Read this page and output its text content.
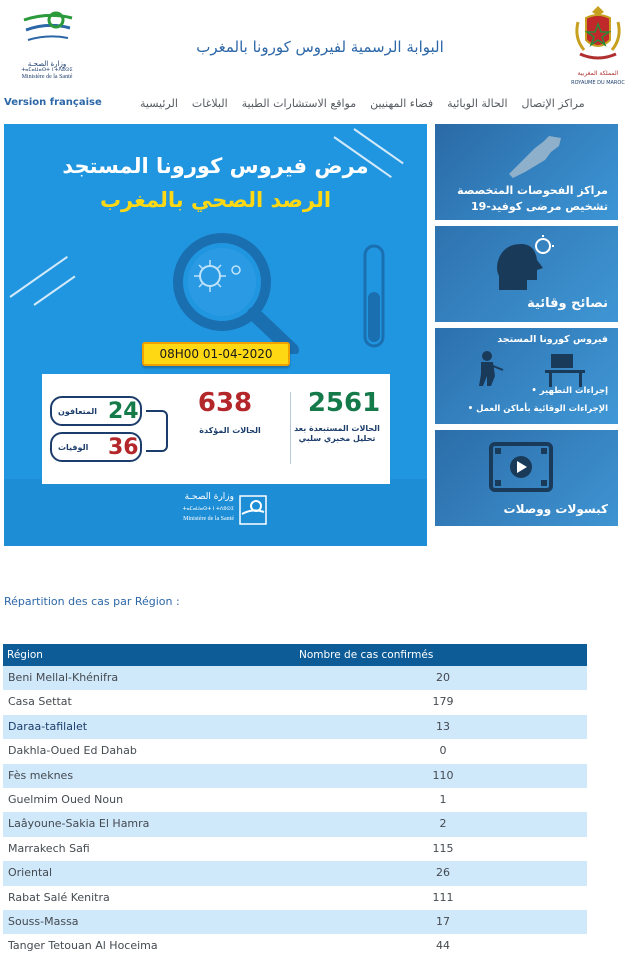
وزارة الصحـة
ⵜⴰⵎⴰⵡⴰⵙⵜ ⵏ ⵜⴷⵓⵙⵉ
Ministère de la Santé
البوابة الرسمية لفيروس كورونا بالمغرب
المملكة المغربية
ROYAUME DU MAROC
Version française	الرئيسية البلاغات مواقع الاستشارات الطبية فضاء المهنيين الحالة الوبائية مراكز الإتصال
مرض فيروس كورونا المستجد
الرصد الصحي بالمغرب
08H00 01-04-2020
2561
الحالات المستبعدة بعد تحليل مخبري سلبي
638
الحالات المؤكدة
24
المتعافون
36
الوفيات
وزارة الصحـة
ⵜⴰⵎⴰⵡⴰⵙⵜ ⵏ ⵜⴷⵓⵙⵉ
Ministère de la Santé
مراكز الفحوصات المتخصصة
تشخيص مرضى كوفيد-19
نصائح وقائية
فيروس كورونا المستجد
إجراءات التطهير •
الإجراءات الوقائية بأماكن العمل •
كبسولات ووصلات
Répartition des cas par Région :
Région	Nombre de cas confirmés
Beni Mellal-Khénifra	20
Casa Settat	179
Daraa-tafilalet	13
Dakhla-Oued Ed Dahab	0
Fès meknes	110
Guelmim Oued Noun	1
Laâyoune-Sakia El Hamra	2
Marrakech Safi	115
Oriental	26
Rabat Salé Kenitra	111
Souss-Massa	17
Tanger Tetouan Al Hoceima	44
